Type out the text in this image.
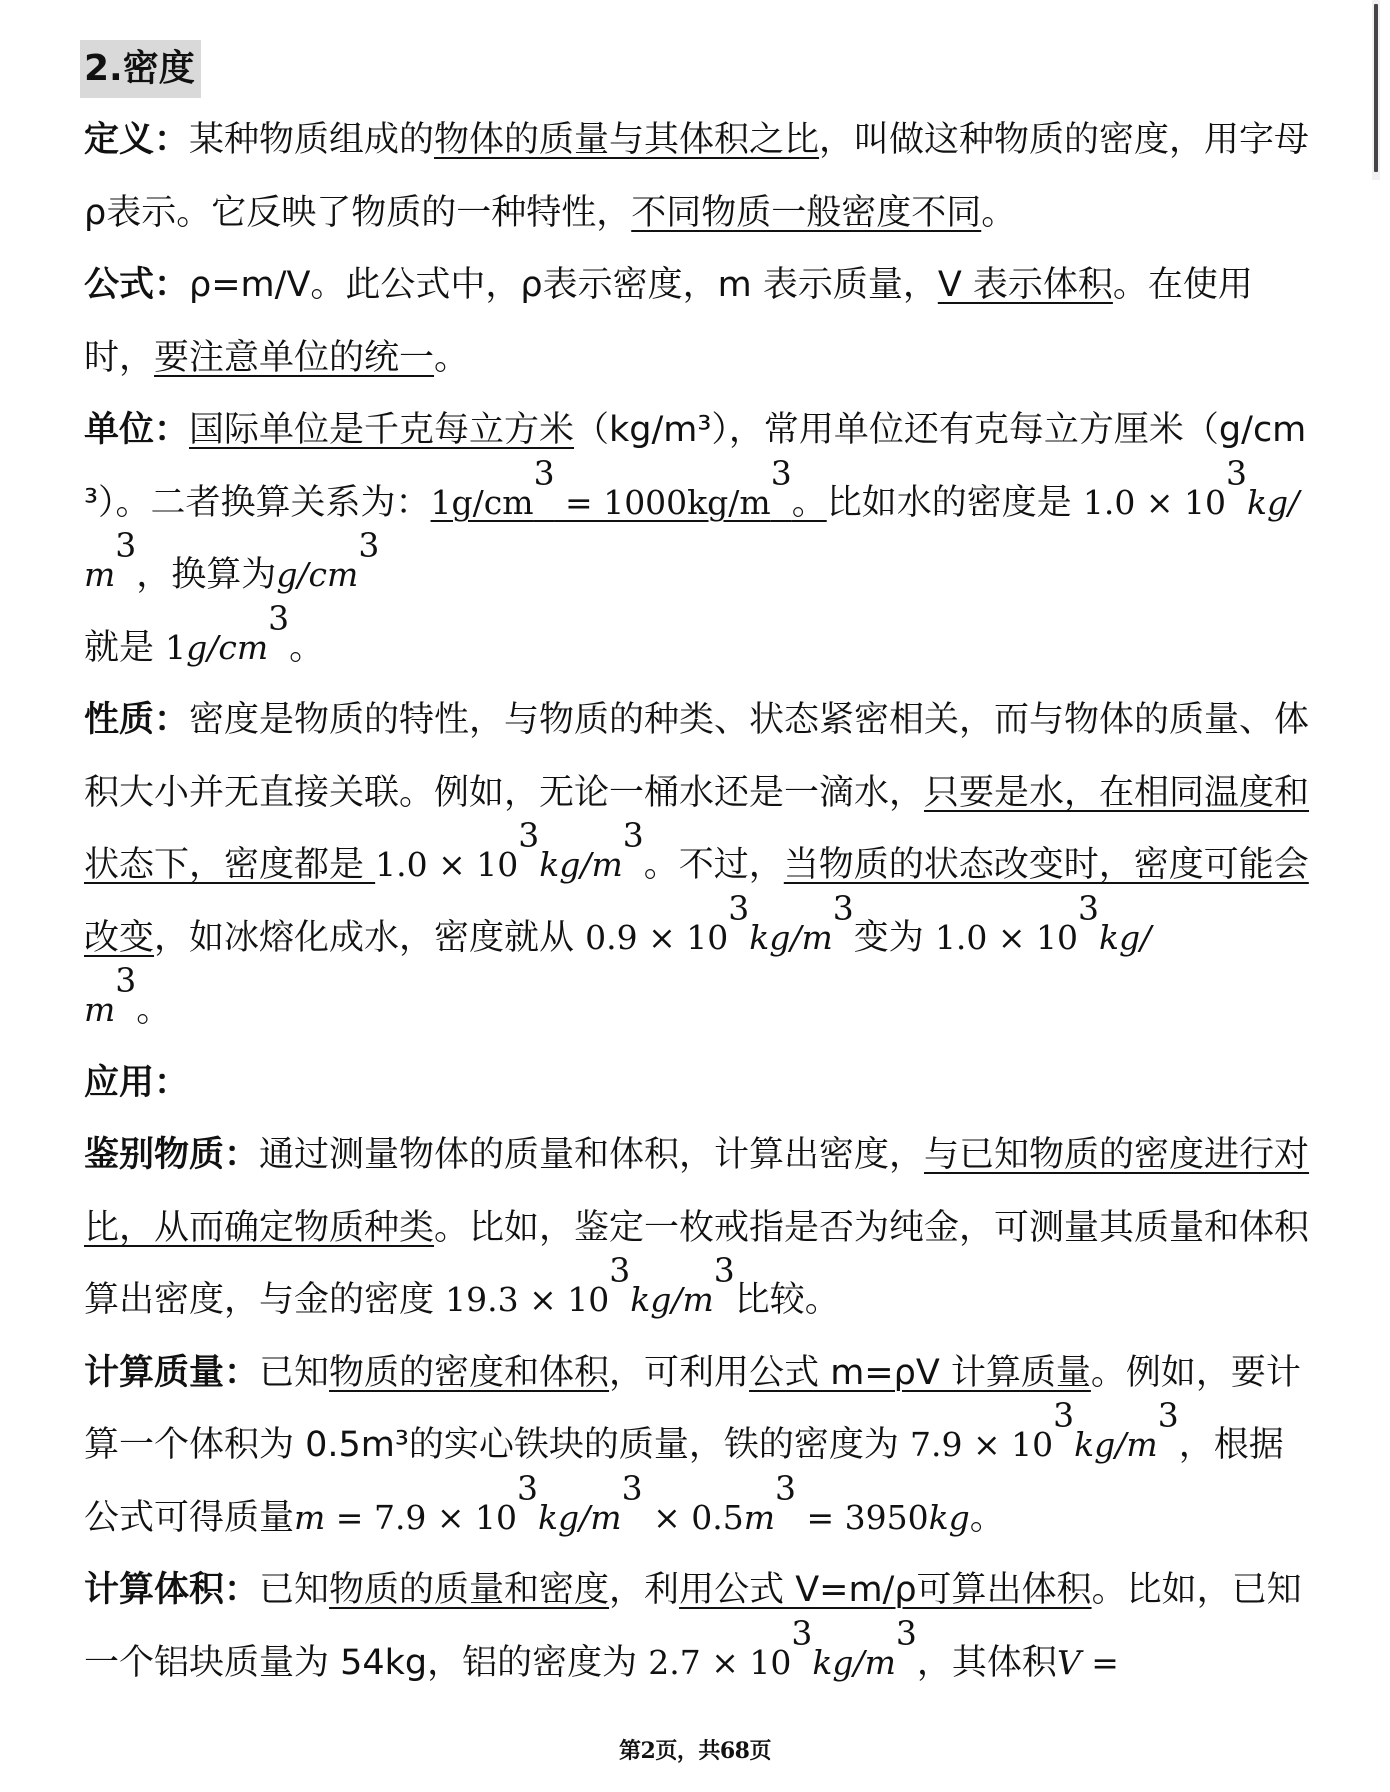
2.密度

定义：某种物质组成的物体的质量与其体积之比，叫做这种物质的密度，用字母ρ表示。它反映了物质的一种特性，不同物质一般密度不同。

公式：ρ=m/V。此公式中，ρ表示密度，m 表示质量，V 表示体积。在使用时，要注意单位的统一。

单位：国际单位是千克每立方米（kg/m³），常用单位还有克每立方厘米（g/cm³）。二者换算关系为：$1g/cm^3 = 1000kg/m^3$。比如水的密度是 $1.0 \times 10^3kg/m^3$，换算为$g/cm^3$

就是 $1g/cm^3$。

性质：密度是物质的特性，与物质的种类、状态紧密相关，而与物体的质量、体积大小并无直接关联。例如，无论一桶水还是一滴水，只要是水，在相同温度和状态下，密度都是 $1.0 \times 10^3kg/m^3$。不过，当物质的状态改变时，密度可能会改变，如冰熔化成水，密度就从 $0.9 \times 10^3kg/m^3$变为 $1.0 \times 10^3kg/$
$m^3$。

应用：

鉴别物质：通过测量物体的质量和体积，计算出密度，与已知物质的密度进行对比，从而确定物质种类。比如，鉴定一枚戒指是否为纯金，可测量其质量和体积算出密度，与金的密度 $19.3 \times 10^3kg/m^3$比较。

计算质量：已知物质的密度和体积，可利用公式 m=ρV 计算质量。例如，要计算一个体积为 0.5m³的实心铁块的质量，铁的密度为 $7.9 \times 10^3kg/m^3$，根据公式可得质量$m = 7.9 \times 10^3kg/m^3 \times 0.5m^3 = 3950kg$。

计算体积：已知物质的质量和密度，利用公式 V=m/ρ可算出体积。比如，已知一个铝块质量为 54kg，铝的密度为 $2.7 \times 10^3kg/m^3$，其体积V =

第2页，共68页
